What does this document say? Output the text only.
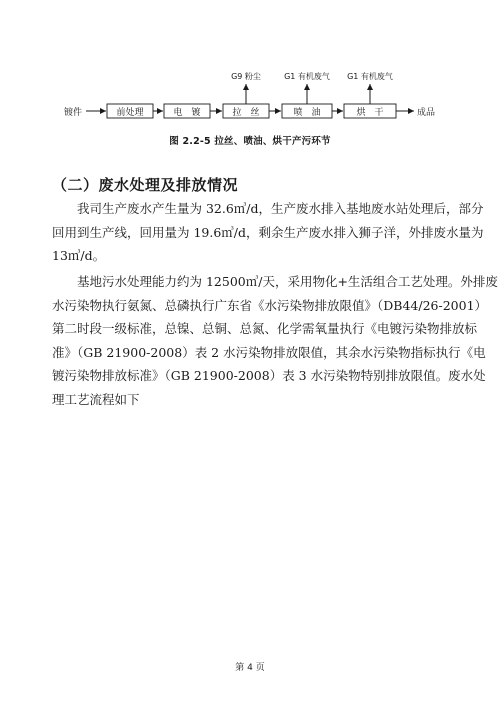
镀件	前处理	电　镀	拉　丝	喷　油	烘　干	成品
G9 粉尘	G1 有机废气 G1 有机废气
图 2.2-5 拉丝、喷油、烘干产污环节
（二）废水处理及排放情况
我司生产废水产生量为 32.6㎥/d，生产废水排入基地废水站处理后，部分
回用到生产线，回用量为 19.6㎥/d，剩余生产废水排入狮子洋，外排废水量为
13㎥/d。
基地污水处理能力约为 12500㎥/天，采用物化+生活组合工艺处理。外排废
水污染物执行氨氮、总磷执行广东省《水污染物排放限值》（DB44/26-2001）
第二时段一级标准，总镍、总铜、总氮、化学需氧量执行《电镀污染物排放标
准》（GB 21900-2008）表 2 水污染物排放限值，其余水污染物指标执行《电
镀污染物排放标准》（GB 21900-2008）表 3 水污染物特别排放限值。废水处
理工艺流程如下
第 4 页
